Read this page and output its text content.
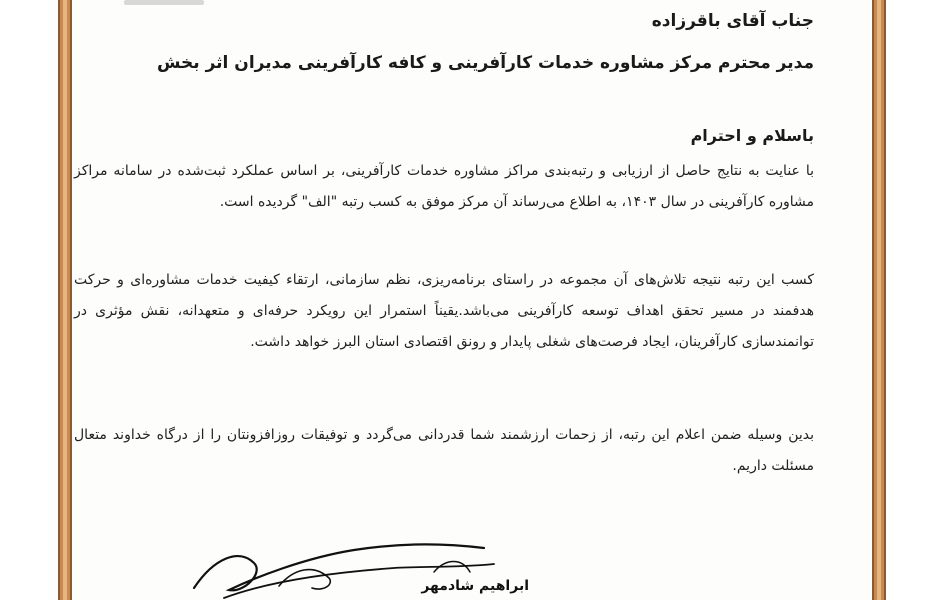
جناب آقای باقرزاده
مدیر محترم مرکز مشاوره خدمات کارآفرینی و کافه کارآفرینی مدیران اثر بخش
باسلام و احترام
با عنایت به نتایج حاصل از ارزیابی و رتبه‌بندی مراکز مشاوره خدمات کارآفرینی، بر اساس عملکرد ثبت‌شده در سامانه مراکز مشاوره کارآفرینی در سال ۱۴۰۳، به اطلاع می‌رساند آن مرکز موفق به کسب رتبه "الف" گردیده است.
کسب این رتبه نتیجه تلاش‌های آن مجموعه در راستای برنامه‌ریزی، نظم سازمانی، ارتقاء کیفیت خدمات مشاوره‌ای و حرکت هدفمند در مسیر تحقق اهداف توسعه کارآفرینی می‌باشد.یقیناً استمرار این رویکرد حرفه‌ای و متعهدانه، نقش مؤثری در توانمندسازی کارآفرینان، ایجاد فرصت‌های شغلی پایدار و رونق اقتصادی استان البرز خواهد داشت.
بدین وسیله ضمن اعلام این رتبه، از زحمات ارزشمند شما قدردانی می‌گردد و توفیقات روزافزونتان را از درگاه خداوند متعال مسئلت داریم.
ابراهیم شادمهر
